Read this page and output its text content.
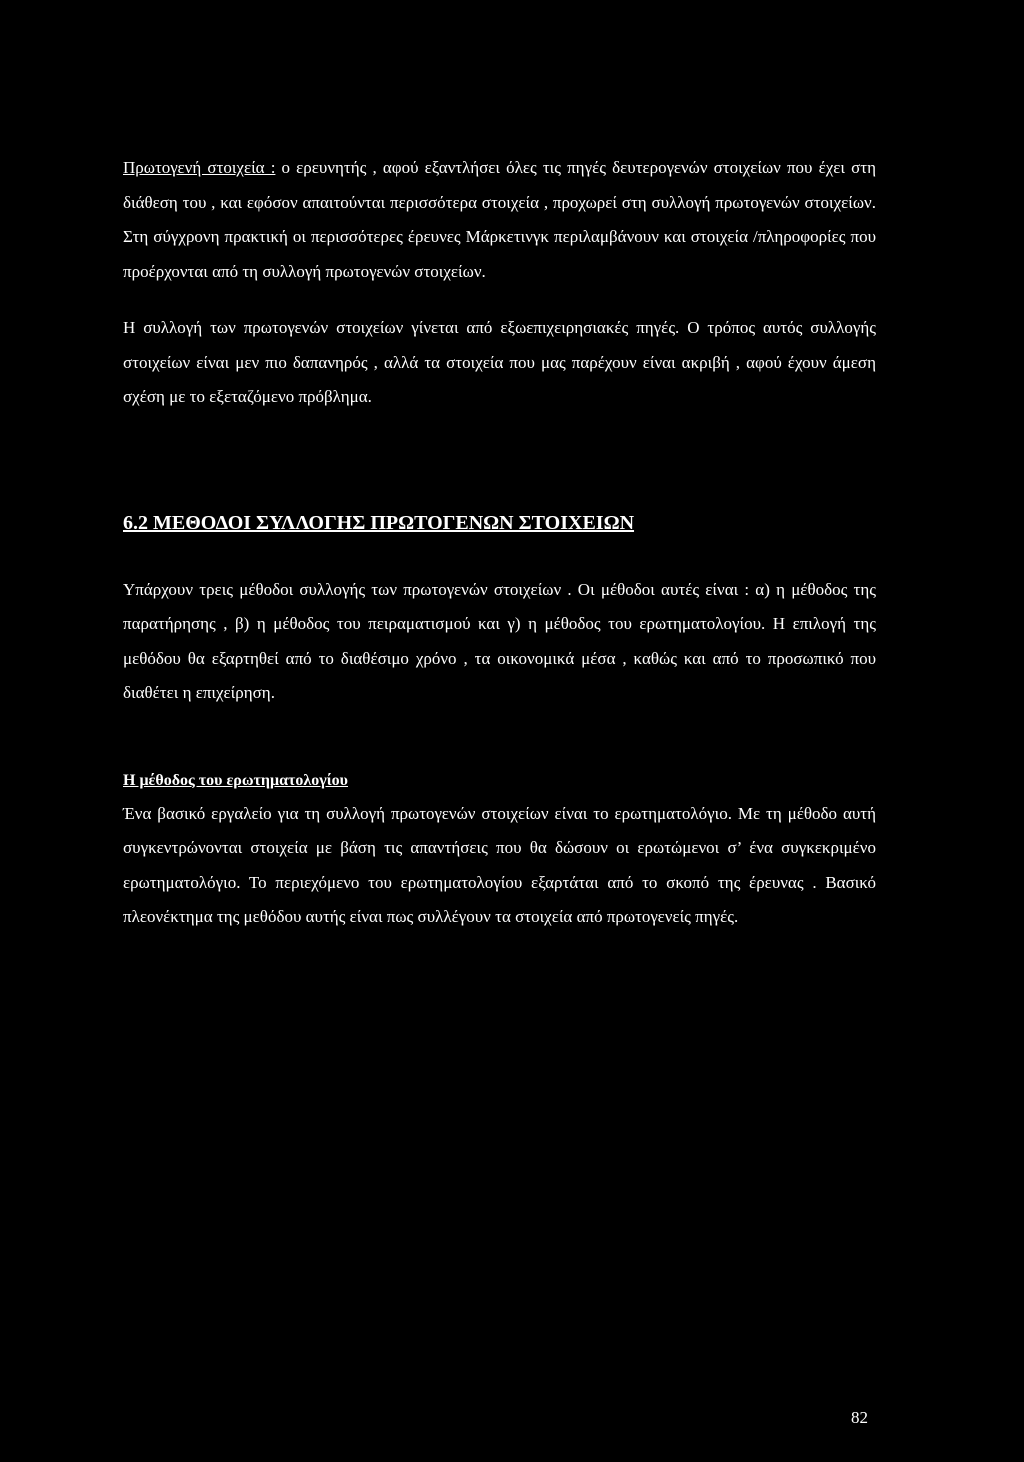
Πρωτογενή στοιχεία : ο ερευνητής , αφού εξαντλήσει όλες τις πηγές δευτερογενών στοιχείων που έχει στη διάθεση του , και εφόσον απαιτούνται περισσότερα στοιχεία , προχωρεί στη συλλογή πρωτογενών στοιχείων. Στη σύγχρονη πρακτική οι περισσότερες έρευνες Μάρκετινγκ περιλαμβάνουν και στοιχεία /πληροφορίες που προέρχονται από τη συλλογή πρωτογενών στοιχείων.

Η συλλογή των πρωτογενών στοιχείων γίνεται από εξωεπιχειρησιακές πηγές. Ο τρόπος αυτός συλλογής στοιχείων είναι μεν πιο δαπανηρός , αλλά τα στοιχεία που μας παρέχουν είναι ακριβή , αφού έχουν άμεση σχέση με το εξεταζόμενο πρόβλημα.

6.2 ΜΕΘΟΔΟΙ ΣΥΛΛΟΓΗΣ ΠΡΩΤΟΓΕΝΩΝ ΣΤΟΙΧΕΙΩΝ

Υπάρχουν τρεις μέθοδοι συλλογής των πρωτογενών στοιχείων . Οι μέθοδοι αυτές είναι : α) η μέθοδος της παρατήρησης , β) η μέθοδος του πειραματισμού και γ) η μέθοδος του ερωτηματολογίου. Η επιλογή της μεθόδου θα εξαρτηθεί από το διαθέσιμο χρόνο , τα οικονομικά μέσα , καθώς και από το προσωπικό που διαθέτει η επιχείρηση.

Η μέθοδος του ερωτηματολογίου

Ένα βασικό εργαλείο για τη συλλογή πρωτογενών στοιχείων είναι το ερωτηματολόγιο. Με τη μέθοδο αυτή συγκεντρώνονται στοιχεία με βάση τις απαντήσεις που θα δώσουν οι ερωτώμενοι σ’ ένα συγκεκριμένο ερωτηματολόγιο. Το περιεχόμενο του ερωτηματολογίου εξαρτάται από το σκοπό της έρευνας . Βασικό πλεονέκτημα της μεθόδου αυτής είναι πως συλλέγουν τα στοιχεία από πρωτογενείς πηγές.

82
